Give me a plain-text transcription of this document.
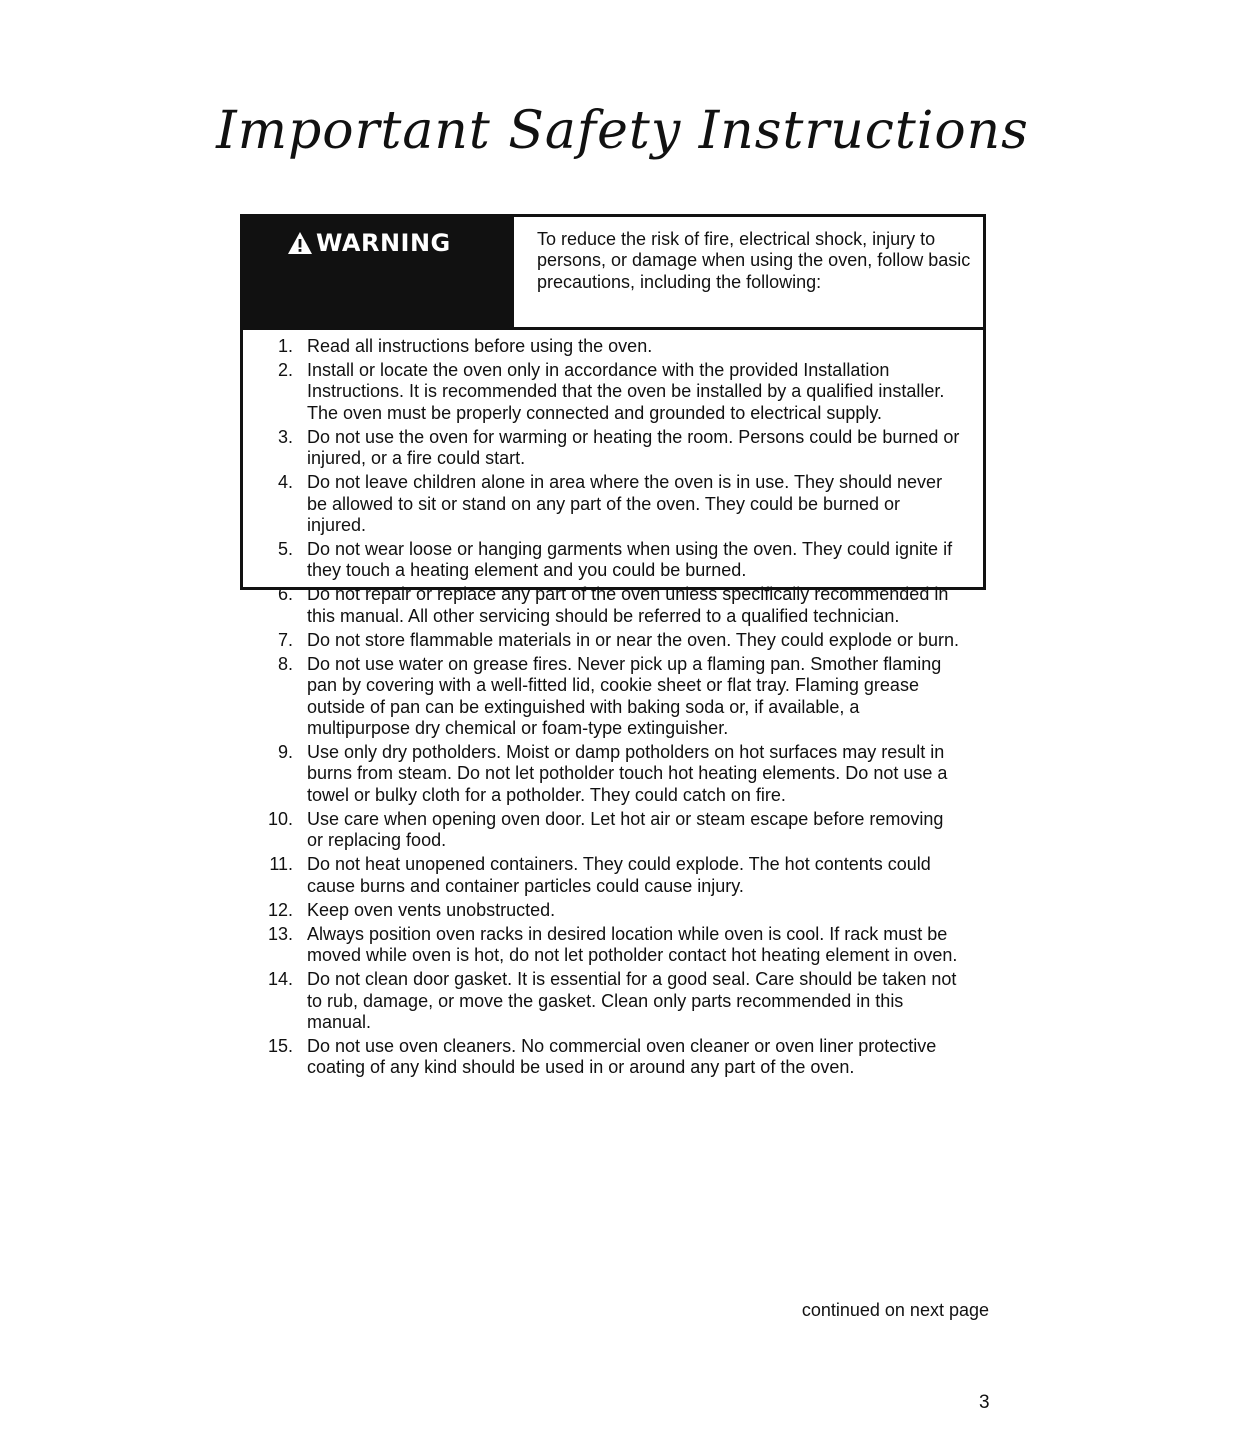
Important Safety Instructions
WARNING	To reduce the risk of fire, electrical shock, injury to persons, or damage when using the oven, follow basic precautions, including the following:
1. Read all instructions before using the oven.
2. Install or locate the oven only in accordance with the provided Installation Instructions. It is recommended that the oven be installed by a qualified installer. The oven must be properly connected and grounded to electrical supply.
3. Do not use the oven for warming or heating the room. Persons could be burned or injured, or a fire could start.
4. Do not leave children alone in area where the oven is in use. They should never be allowed to sit or stand on any part of the oven. They could be burned or injured.
5. Do not wear loose or hanging garments when using the oven. They could ignite if they touch a heating element and you could be burned.
6. Do not repair or replace any part of the oven unless specifically recommended in this manual. All other servicing should be referred to a qualified technician.
7. Do not store flammable materials in or near the oven. They could explode or burn.
8. Do not use water on grease fires. Never pick up a flaming pan. Smother flaming pan by covering with a well-fitted lid, cookie sheet or flat tray. Flaming grease outside of pan can be extinguished with baking soda or, if available, a multipurpose dry chemical or foam-type extinguisher.
9. Use only dry potholders. Moist or damp potholders on hot surfaces may result in burns from steam. Do not let potholder touch hot heating elements. Do not use a towel or bulky cloth for a potholder. They could catch on fire.
10. Use care when opening oven door. Let hot air or steam escape before removing or replacing food.
11. Do not heat unopened containers. They could explode. The hot contents could cause burns and container particles could cause injury.
12. Keep oven vents unobstructed.
13. Always position oven racks in desired location while oven is cool. If rack must be moved while oven is hot, do not let potholder contact hot heating element in oven.
14. Do not clean door gasket. It is essential for a good seal. Care should be taken not to rub, damage, or move the gasket. Clean only parts recommended in this manual.
15. Do not use oven cleaners. No commercial oven cleaner or oven liner protective coating of any kind should be used in or around any part of the oven.
continued on next page
3
